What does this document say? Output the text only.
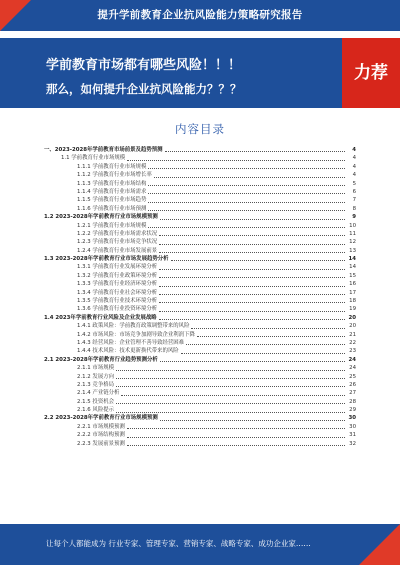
提升学前教育企业抗风险能力策略研究报告
学前教育市场都有哪些风险！！！
那么，如何提升企业抗风险能力？？？
力荐
内容目录
一、2023-2028年学前教育市场前景及趋势预测	4
1.1 学前教育行业市场规模	4
1.1.1 学前教育行业市场规模	4
1.1.2 学前教育行业市场增长率	4
1.1.3 学前教育行业市场结构	5
1.1.4 学前教育行业市场需求	6
1.1.5 学前教育行业市场趋势	7
1.1.6 学前教育行业市场预测	8
1.2 2023-2028年学前教育行业市场规模预测	9
1.2.1 学前教育行业市场规模	10
1.2.2 学前教育行业市场需求状况	11
1.2.3 学前教育行业市场竞争状况	12
1.2.4 学前教育行业市场发展前景	13
1.3 2023-2028年学前教育行业市场发展趋势分析	14
1.3.1 学前教育行业发展环境分析	14
1.3.2 学前教育行业政策环境分析	15
1.3.3 学前教育行业经济环境分析	16
1.3.4 学前教育行业社会环境分析	17
1.3.5 学前教育行业技术环境分析	18
1.3.6 学前教育行业投资环境分析	19
1.4 2023年学前教育行业风险及企业发展战略	20
1.4.1 政策风险：学前教育政策调整带来的风险	20
1.4.2 市场风险：市场竞争加剧导致企业利润下降	21
1.4.3 经营风险：企业管理不善导致经营困难	22
1.4.4 技术风险：技术更新换代带来的风险	23
2.1 2023-2028年学前教育行业趋势预测分析	24
2.1.1 市场规模	24
2.1.2 发展方向	25
2.1.3 竞争格局	26
2.1.4 产业链分析	27
2.1.5 投资机会	28
2.1.6 风险提示	29
2.2 2023-2028年学前教育行业市场规模预测	30
2.2.1 市场规模预测	30
2.2.2 市场结构预测	31
2.2.3 发展前景预测	32
让每个人都能成为 行业专家、管理专家、营销专家、战略专家、成功企业家……
